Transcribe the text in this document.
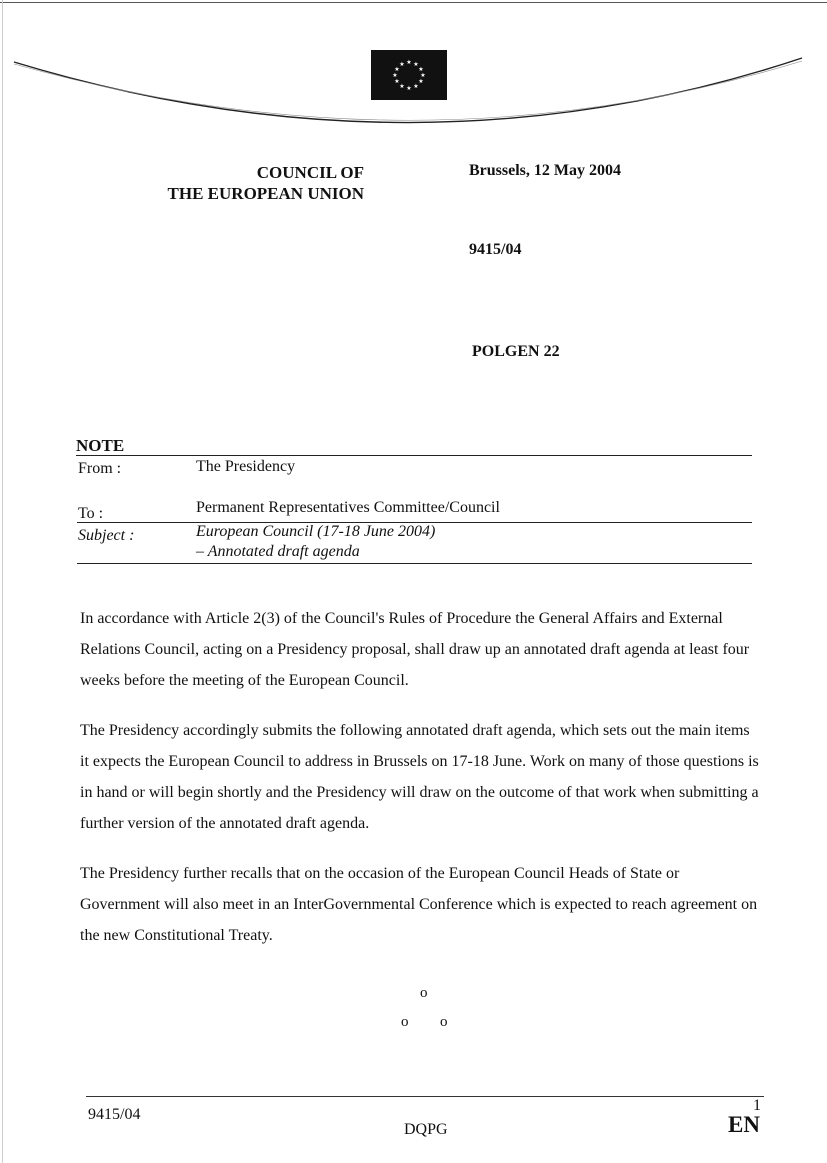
★ ★
★
★
★
★
★
★
★
★
★
★
COUNCIL OF
THE EUROPEAN UNION
Brussels, 12 May 2004
9415/04
POLGEN 22
NOTE
From :	The Presidency
To :	Permanent Representatives Committee/Council
Subject :	European Council (17-18 June 2004)
– Annotated draft agenda

In accordance with Article 2(3) of the Council's Rules of Procedure the General Affairs and External Relations Council, acting on a Presidency proposal, shall draw up an annotated draft agenda at least four weeks before the meeting of the European Council.

The Presidency accordingly submits the following annotated draft agenda, which sets out the main items it expects the European Council to address in Brussels on 17-18 June. Work on many of those questions is in hand or will begin shortly and the Presidency will draw on the outcome of that work when submitting a further version of the annotated draft agenda.

The Presidency further recalls that on the occasion of the European Council Heads of State or Government will also meet in an InterGovernmental Conference which is expected to reach agreement on the new Constitutional Treaty.

o
o o
9415/04
DQPG
1
EN
